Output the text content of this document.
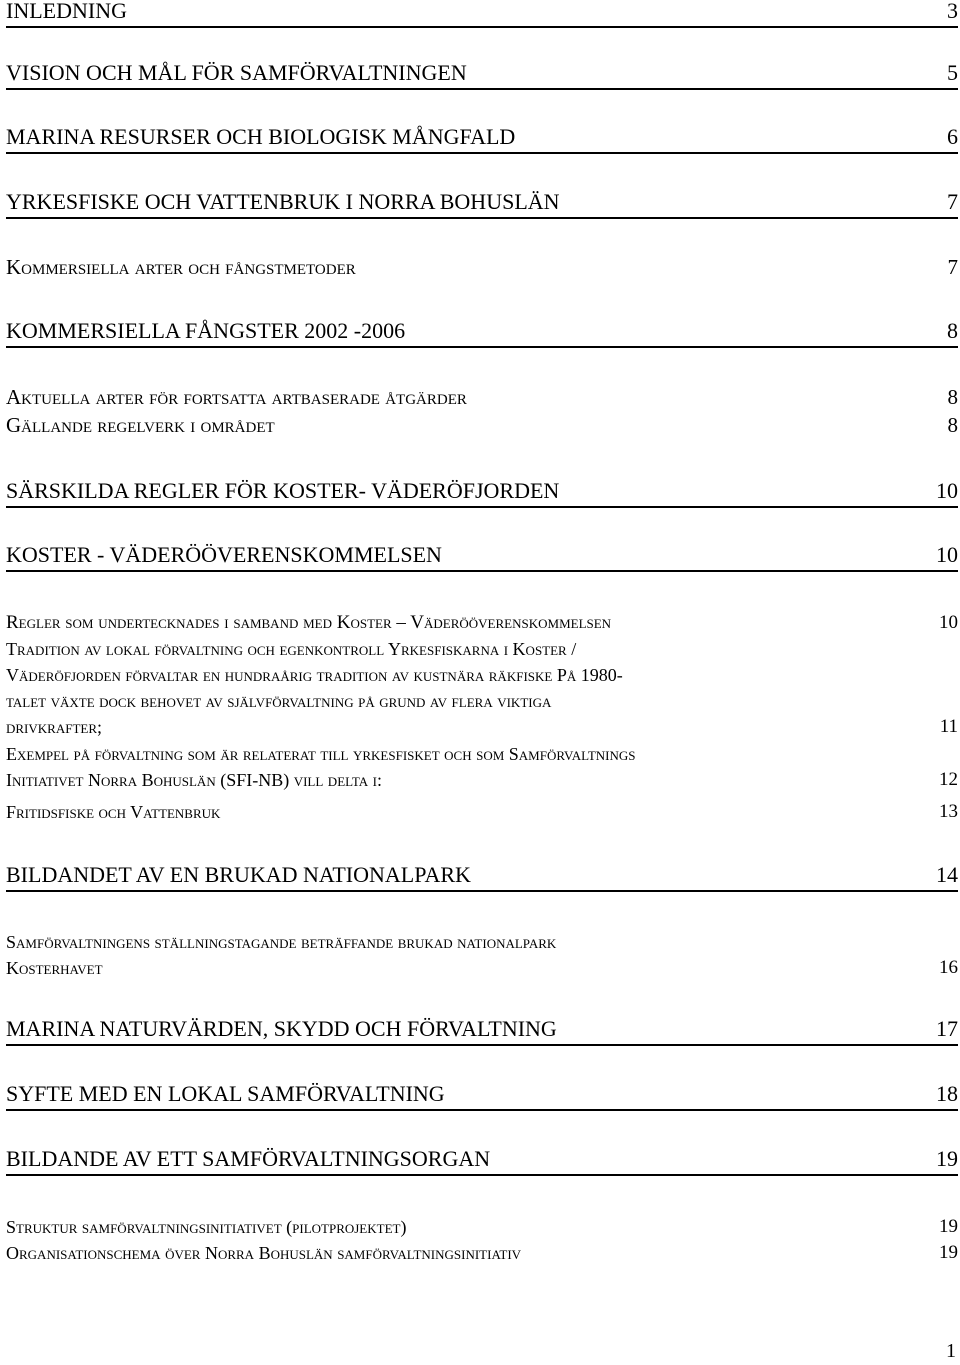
INLEDNING	3
VISION OCH MÅL FÖR SAMFÖRVALTNINGEN	5
MARINA RESURSER OCH BIOLOGISK MÅNGFALD	6
YRKESFISKE OCH VATTENBRUK I NORRA BOHUSLÄN	7
Kommersiella arter och fångstmetoder	7
KOMMERSIELLA FÅNGSTER 2002 -2006	8
Aktuella arter för fortsatta artbaserade åtgärder	8
Gällande regelverk i området	8
SÄRSKILDA REGLER FÖR KOSTER- VÄDERÖFJORDEN	10
KOSTER - VÄDERÖÖVERENSKOMMELSEN	10
Regler som undertecknades i samband med Koster – Väderööverenskommelsen	10
Tradition av lokal förvaltning och egenkontroll Yrkesfiskarna i Koster /
Väderöfjorden förvaltar en hundraårig tradition av kustnära räkfiske På 1980-
talet växte dock behovet av självförvaltning på grund av flera viktiga
drivkrafter;	11
Exempel på förvaltning som är relaterat till yrkesfisket och som Samförvaltnings
Initiativet Norra Bohuslän (SFI-NB) vill delta i:	12
Fritidsfiske och Vattenbruk	13
BILDANDET AV EN BRUKAD NATIONALPARK	14
Samförvaltningens ställningstagande beträffande brukad nationalpark
Kosterhavet	16
MARINA NATURVÄRDEN, SKYDD OCH FÖRVALTNING	17
SYFTE MED EN LOKAL SAMFÖRVALTNING	18
BILDANDE AV ETT SAMFÖRVALTNINGSORGAN	19
Struktur samförvaltningsinitiativet (pilotprojektet)	19
Organisationschema över Norra Bohuslän samförvaltningsinitiativ	19
1
